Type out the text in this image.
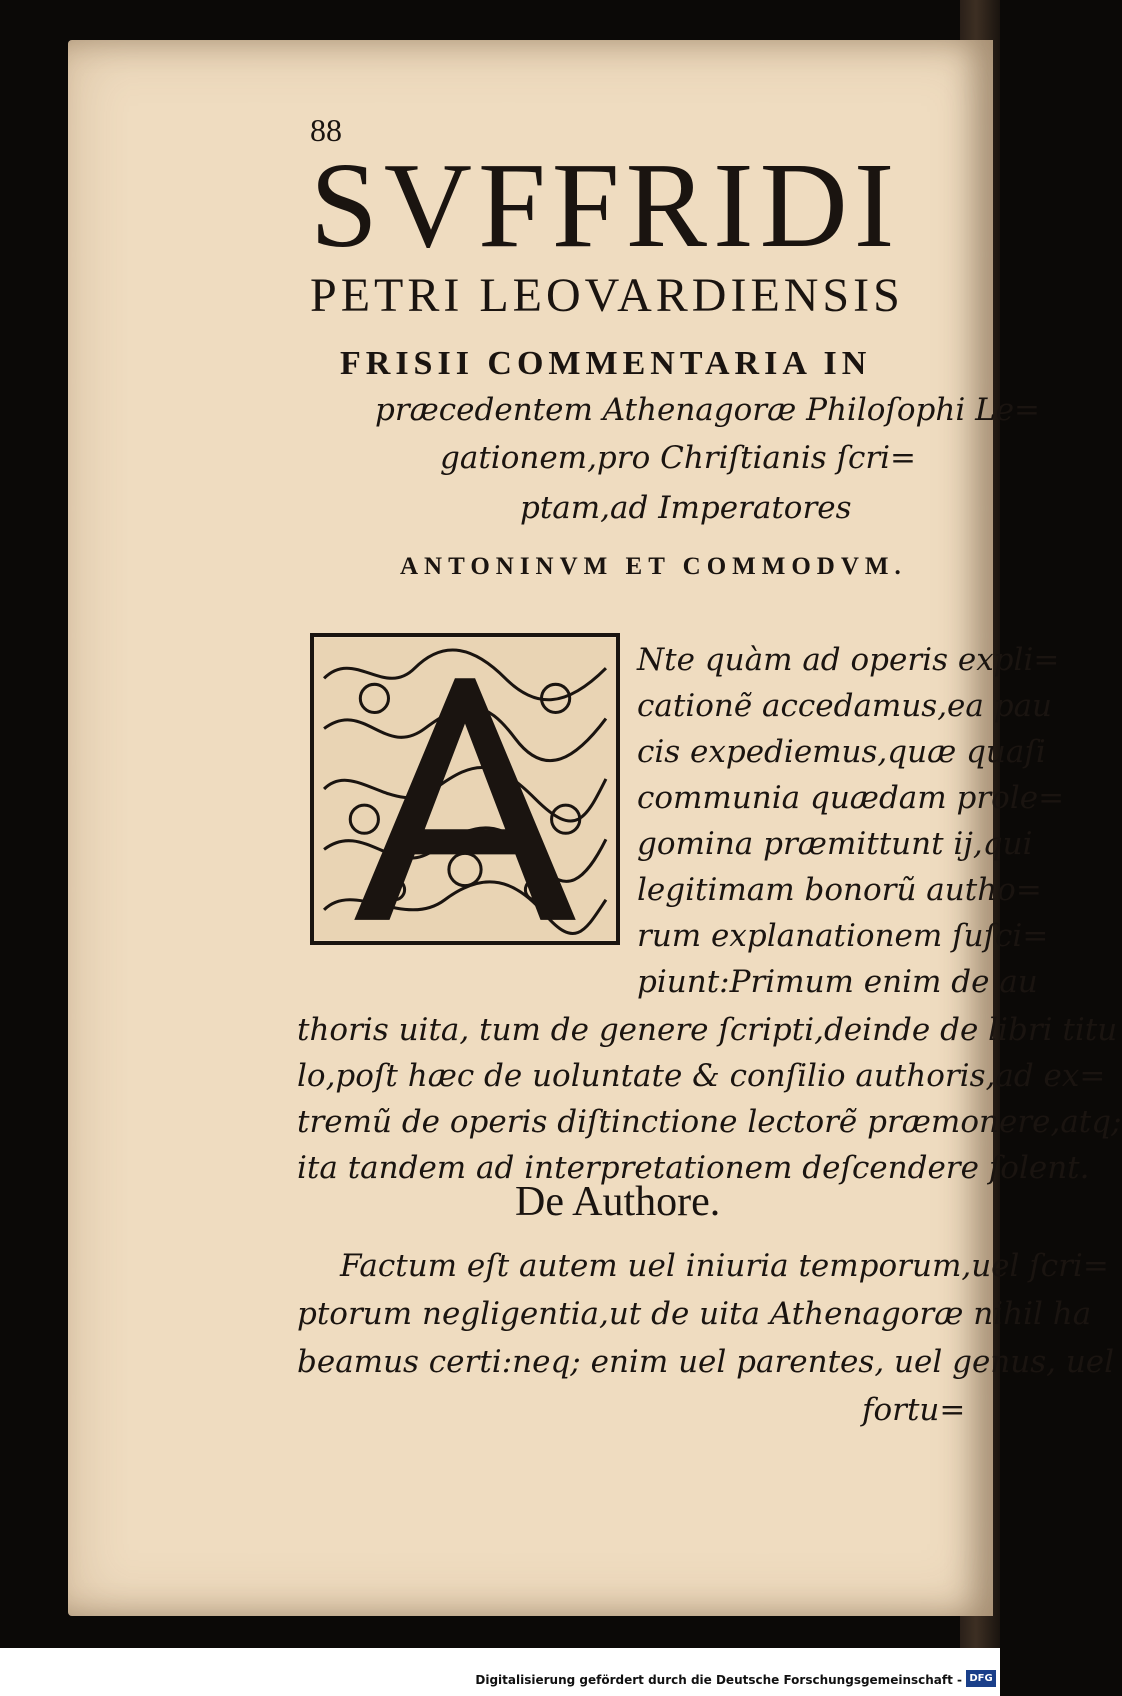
88
SVFFRIDI
PETRI LEOVARDIENSIS
FRISII COMMENTARIA IN
præcedentem Athenagoræ Philoſophi Le=
gationem,pro Chriſtianis ſcri=
ptam,ad Imperatores
ANTONINVM ET COMMODVM.
Nte quàm ad operis expli=
cationẽ accedamus,ea pau
cis expediemus,quæ quaſi
communia quædam prole=
gomina præmittunt ij,qui
legitimam bonorũ autho=
rum explanationem ſuſci=
piunt:Primum enim de au
thoris uita, tum de genere ſcripti,deinde de libri titu
lo,poſt hæc de uoluntate & conſilio authoris,ad ex=
tremũ de operis diſtinctione lectorẽ præmonere,atq;
ita tandem ad interpretationem deſcendere ſolent.
De Authore.
Factum eſt autem uel iniuria temporum,uel ſcri=
ptorum negligentia,ut de uita Athenagoræ nihil ha
beamus certi:neq; enim uel parentes, uel genus, uel
fortu=
Digitalisierung gefördert durch die Deutsche Forschungsgemeinschaft - DFG
